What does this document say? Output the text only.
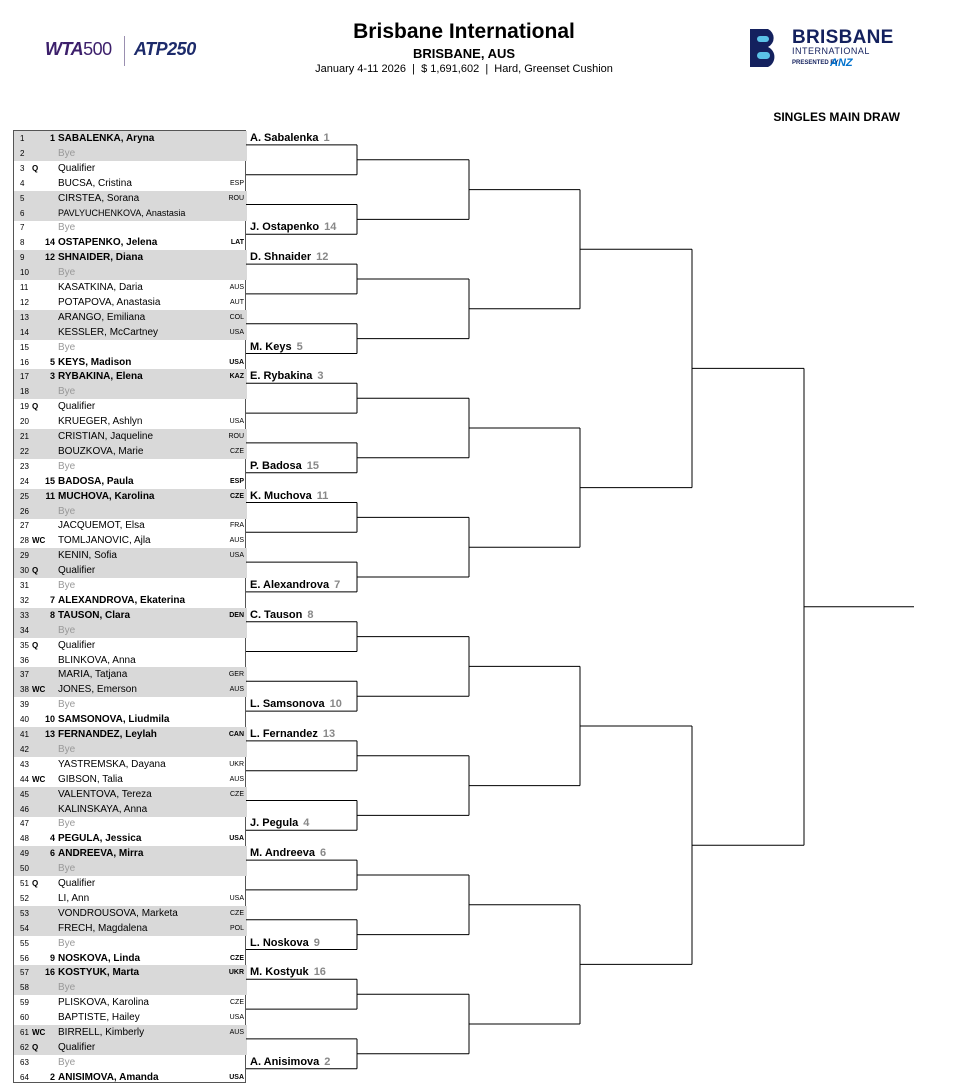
WTA500 ATP250
Brisbane International
BRISBANE, AUS
January 4-11 2026  |  $ 1,691,602  |  Hard, Greenset Cushion
BRISBANE
INTERNATIONAL
PRESENTED BY
ANZ
SINGLES MAIN DRAW
1	1 SABALENKA, Aryna
2	Bye
3 Q Qualifier
4	BUCSA, Cristina	ESP
5	CIRSTEA, Sorana	ROU
6	PAVLYUCHENKOVA, Anastasia
7	Bye
8 14 OSTAPENKO, Jelena	LAT
9 12 SHNAIDER, Diana
10	Bye
11	KASATKINA, Daria	AUS
12	POTAPOVA, Anastasia	AUT
13	ARANGO, Emiliana	COL
14	KESSLER, McCartney	USA
15	Bye
16	5 KEYS, Madison	USA
17	3 RYBAKINA, Elena	KAZ
18	Bye
19 Q Qualifier
20	KRUEGER, Ashlyn	USA
21	CRISTIAN, Jaqueline	ROU
22	BOUZKOVA, Marie	CZE
23	Bye
24 15 BADOSA, Paula	ESP
25 11 MUCHOVA, Karolina	CZE
26	Bye
27	JACQUEMOT, Elsa	FRA
28 WC TOMLJANOVIC, Ajla	AUS
29	KENIN, Sofia	USA
30 Q Qualifier
31	Bye
32	7 ALEXANDROVA, Ekaterina
33	8 TAUSON, Clara	DEN
34	Bye
35 Q Qualifier
36	BLINKOVA, Anna
37	MARIA, Tatjana	GER
38 WC JONES, Emerson	AUS
39	Bye
40 10 SAMSONOVA, Liudmila
41 13 FERNANDEZ, Leylah	CAN
42	Bye
43	YASTREMSKA, Dayana	UKR
44 WC GIBSON, Talia	AUS
45	VALENTOVA, Tereza	CZE
46	KALINSKAYA, Anna
47	Bye
48	4 PEGULA, Jessica	USA
49	6 ANDREEVA, Mirra
50	Bye
51 Q Qualifier
52	LI, Ann	USA
53	VONDROUSOVA, Marketa	CZE
54	FRECH, Magdalena	POL
55	Bye
56	9 NOSKOVA, Linda	CZE
57 16 KOSTYUK, Marta	UKR
58	Bye
59	PLISKOVA, Karolina	CZE
60	BAPTISTE, Hailey	USA
61 WC BIRRELL, Kimberly	AUS
62 Q Qualifier
63	Bye
64	2 ANISIMOVA, Amanda	USA
A. Sabalenka 1
J. Ostapenko 14
D. Shnaider 12
M. Keys 5
E. Rybakina 3
P. Badosa 15
K. Muchova 11
E. Alexandrova 7
C. Tauson 8
L. Samsonova 10
L. Fernandez 13
J. Pegula 4
M. Andreeva 6
L. Noskova 9
M. Kostyuk 16
A. Anisimova 2
